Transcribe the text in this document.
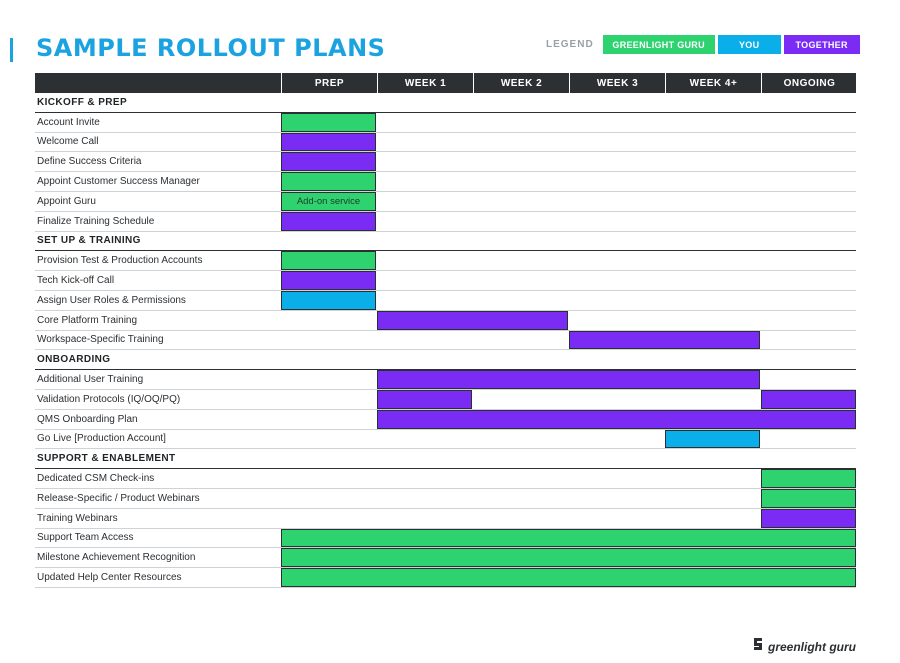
SAMPLE ROLLOUT PLANS	LEGEND	GREENLIGHT GURU	YOU	TOGETHER
PREP	WEEK 1	WEEK 2	WEEK 3	WEEK 4+	ONGOING
KICKOFF & PREP
Account Invite
Welcome Call
Define Success Criteria
Appoint Customer Success Manager
Appoint Guru	Add-on service
Finalize Training Schedule
SET UP & TRAINING
Provision Test & Production Accounts
Tech Kick-off Call
Assign User Roles & Permissions
Core Platform Training
Workspace-Specific Training
ONBOARDING
Additional User Training
Validation Protocols (IQ/OQ/PQ)
QMS Onboarding Plan
Go Live [Production Account]
SUPPORT & ENABLEMENT
Dedicated CSM Check-ins
Release-Specific / Product Webinars
Training Webinars
Support Team Access
Milestone Achievement Recognition
Updated Help Center Resources
greenlight guru
